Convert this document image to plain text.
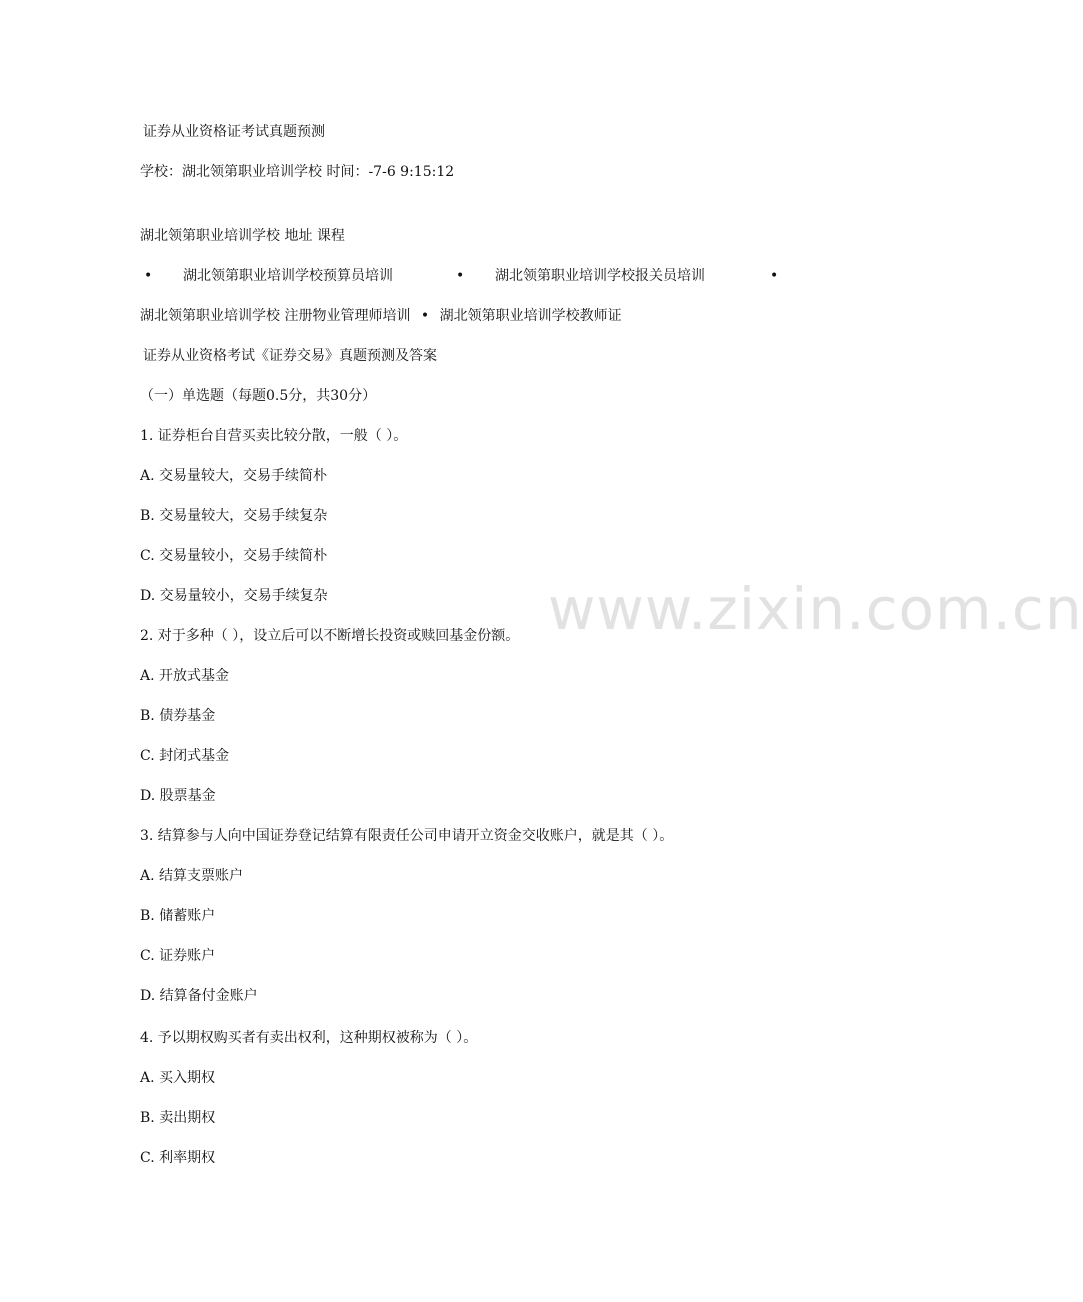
www.zixin.com.cn
证券从业资格证考试真题预测
学校：湖北领第职业培训学校 时间：-7-6 9:15:12
湖北领第职业培训学校 地址 课程
• 湖北领第职业培训学校预算员培训	• 湖北领第职业培训学校报关员培训	•
湖北领第职业培训学校 注册物业管理师培训 • 湖北领第职业培训学校教师证
证券从业资格考试《证券交易》真题预测及答案
（一）单选题（每题0.5分，共30分）
1. 证券柜台自营买卖比较分散，一般（ ）。
A. 交易量较大，交易手续简朴
B. 交易量较大，交易手续复杂
C. 交易量较小，交易手续简朴
D. 交易量较小，交易手续复杂
2. 对于多种（ ），设立后可以不断增长投资或赎回基金份额。
A. 开放式基金
B. 债券基金
C. 封闭式基金
D. 股票基金
3. 结算参与人向中国证券登记结算有限责任公司申请开立资金交收账户，就是其（ ）。
A. 结算支票账户
B. 储蓄账户
C. 证券账户
D. 结算备付金账户
4. 予以期权购买者有卖出权利，这种期权被称为（ ）。
A. 买入期权
B. 卖出期权
C. 利率期权
